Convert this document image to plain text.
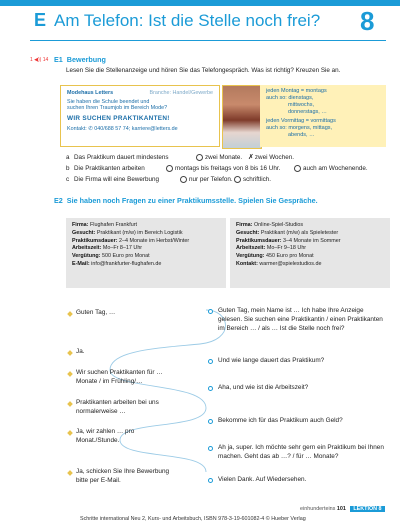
E Am Telefon: Ist die Stelle noch frei? 8
1 ◀)) 14 E1 Bewerbung
Lesen Sie die Stellenanzeige und hören Sie das Telefongespräch. Was ist richtig? Kreuzen Sie an.
Modehaus Letters	Branche: Handel/Gewerbe
Sie haben die Schule beendet und
suchen Ihren Traumjob im Bereich Mode?
WIR SUCHEN PRAKTIKANTEN!
Kontakt: ✆ 040/688 57 74; karriere@letters.de
jeden Montag = montags
auch so: dienstags,
mittwochs,
donnerstags, …
jeden Vormittag = vormittags
auch so: morgens, mittags,
abends, …
a Das Praktikum dauert mindestens	zwei Monate. ✗zwei Wochen.
b Die Praktikanten arbeiten	montags bis freitags von 8 bis 16 Uhr.	auch am Wochenende.
c Die Firma will eine Bewerbung	nur per Telefon.	schriftlich.
E2 Sie haben noch Fragen zu einer Praktikumsstelle. Spielen Sie Gespräche.
Firma: Flughafen Frankfurt
Gesucht: Praktikant (m/w) im Bereich Logistik
Praktikumsdauer: 2–4 Monate im Herbst/Winter
Arbeitszeit: Mo–Fr 8–17 Uhr
Vergütung: 500 Euro pro Monat
E-Mail: info@frankfurter-flughafen.de
Firma: Online-Spiel-Studios
Gesucht: Praktikant (m/w) als Spieletester
Praktikumsdauer: 3–4 Monate im Sommer
Arbeitszeit: Mo–Fr 9–18 Uhr
Vergütung: 450 Euro pro Monat
Kontakt: warmer@spielestudios.de
Guten Tag, …
Ja.
Wir suchen Praktikanten für … Monate / im Frühling/…
Praktikanten arbeiten bei uns normalerweise …
Ja, wir zahlen … pro Monat./Stunde.
Ja, schicken Sie Ihre Bewerbung bitte per E-Mail.
Guten Tag, mein Name ist … Ich habe Ihre Anzeige gelesen. Sie suchen eine Praktikantin / einen Praktikanten im Bereich … / als … Ist die Stelle noch frei?
Und wie lange dauert das Praktikum?
Aha, und wie ist die Arbeitszeit?
Bekomme ich für das Praktikum auch Geld?
Ah ja, super. Ich möchte sehr gern ein Praktikum bei Ihnen machen. Geht das ab …? / für … Monate?
Vielen Dank. Auf Wiedersehen.
einhunderteins 101 LEKTION 8
Schritte international Neu 2, Kurs- und Arbeitsbuch, ISBN 978-3-19-601082-4 © Hueber Verlag
